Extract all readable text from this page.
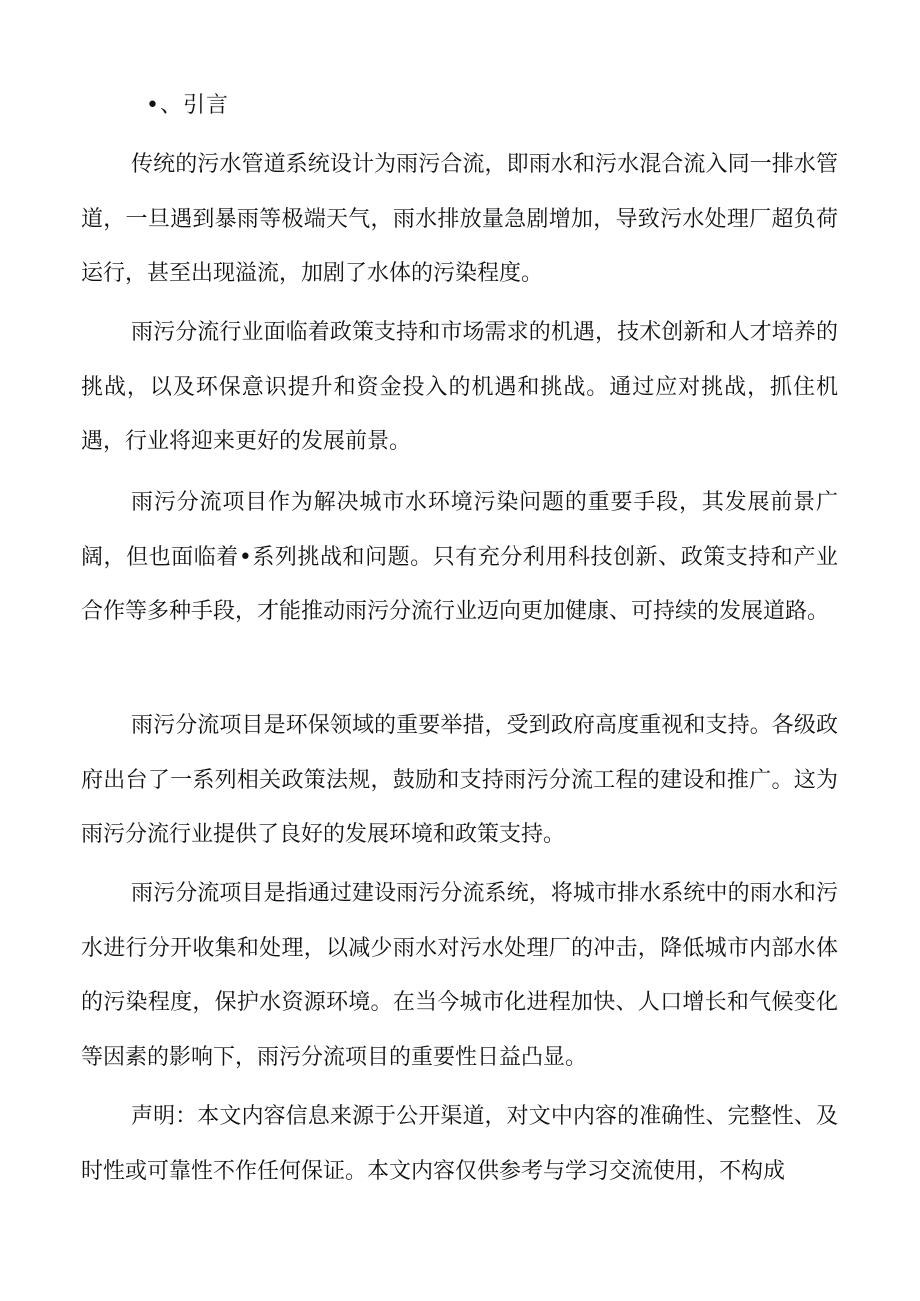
•、引言

传统的污水管道系统设计为雨污合流，即雨水和污水混合流入同一排水管道，一旦遇到暴雨等极端天气，雨水排放量急剧增加，导致污水处理厂超负荷运行，甚至出现溢流，加剧了水体的污染程度。

雨污分流行业面临着政策支持和市场需求的机遇，技术创新和人才培养的挑战，以及环保意识提升和资金投入的机遇和挑战。通过应对挑战，抓住机遇，行业将迎来更好的发展前景。

雨污分流项目作为解决城市水环境污染问题的重要手段，其发展前景广阔，但也面临着•系列挑战和问题。只有充分利用科技创新、政策支持和产业合作等多种手段，才能推动雨污分流行业迈向更加健康、可持续的发展道路。

雨污分流项目是环保领域的重要举措，受到政府高度重视和支持。各级政府出台了一系列相关政策法规，鼓励和支持雨污分流工程的建设和推广。这为雨污分流行业提供了良好的发展环境和政策支持。

雨污分流项目是指通过建设雨污分流系统，将城市排水系统中的雨水和污水进行分开收集和处理，以减少雨水对污水处理厂的冲击，降低城市内部水体的污染程度，保护水资源环境。在当今城市化进程加快、人口增长和气候变化等因素的影响下，雨污分流项目的重要性日益凸显。

声明：本文内容信息来源于公开渠道，对文中内容的准确性、完整性、及时性或可靠性不作任何保证。本文内容仅供参考与学习交流使用，不构成
